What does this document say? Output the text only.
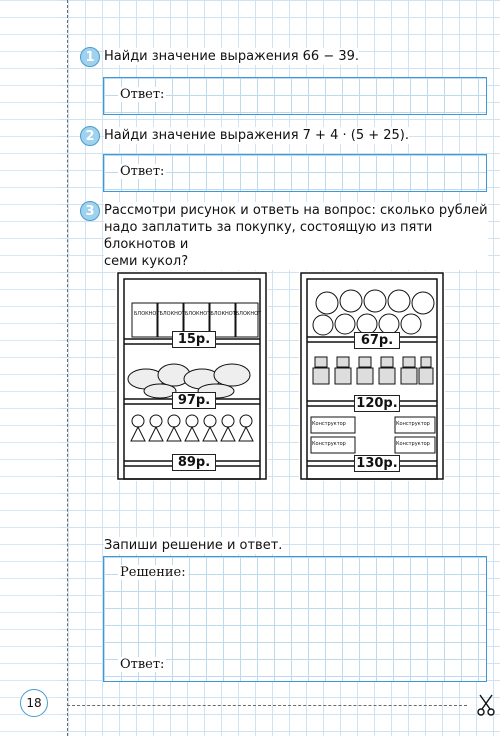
1 Найди значение выражения 66 − 39.
Ответ:
2 Найди значение выражения 7 + 4 · (5 + 25).
Ответ:
3 Рассмотри рисунок и ответь на вопрос: сколько рублей
надо заплатить за покупку, состоящую из пяти блокнотов и
семи кукол?
БЛОКНОТ БЛОКНОТ БЛОКНОТ БЛОКНОТ БЛОКНОТ
15р.
97р.
89р.
Конструктор
Конструктор
Конструктор
Конструктор
67р.
120р.
130р.
Запиши решение и ответ.
Решение:
Ответ:
18
